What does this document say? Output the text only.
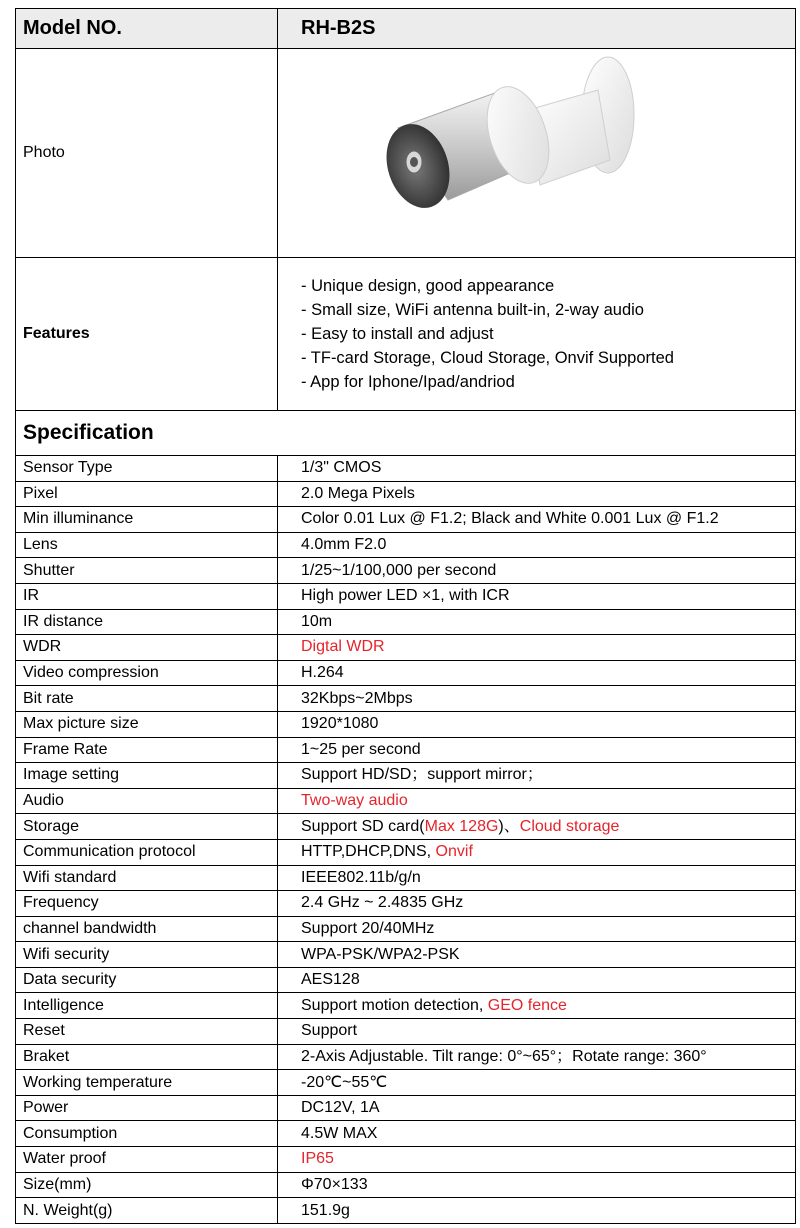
Model NO.	RH-B2S
Photo	

Features	- Unique design, good appearance
- Small size, WiFi antenna built-in, 2-way audio
- Easy to install and adjust
- TF-card Storage, Cloud Storage, Onvif Supported
- App for Iphone/Ipad/andriod

Specification	
Sensor Type	1/3" CMOS
Pixel	2.0 Mega Pixels
Min illuminance	Color 0.01 Lux @ F1.2; Black and White 0.001 Lux @ F1.2
Lens	4.0mm F2.0
Shutter	1/25~1/100,000 per second
IR	High power LED ×1, with ICR
IR distance	10m
WDR	Digtal WDR
Video compression	H.264
Bit rate	32Kbps~2Mbps
Max picture size	1920*1080
Frame Rate	1~25 per second
Image setting	Support HD/SD；support mirror；
Audio	Two-way audio
Storage	Support SD card(Max 128G)、Cloud storage
Communication protocol	HTTP,DHCP,DNS, Onvif
Wifi standard	IEEE802.11b/g/n
Frequency	2.4 GHz ~ 2.4835 GHz
channel bandwidth	Support 20/40MHz
Wifi security	WPA-PSK/WPA2-PSK
Data security	AES128
Intelligence	Support motion detection, GEO fence
Reset	Support
Braket	2-Axis Adjustable. Tilt range: 0°~65°；Rotate range: 360°
Working temperature	-20℃~55℃
Power	DC12V, 1A
Consumption	4.5W MAX
Water proof	IP65
Size(mm)	Φ70×133
N. Weight(g)	151.9g
